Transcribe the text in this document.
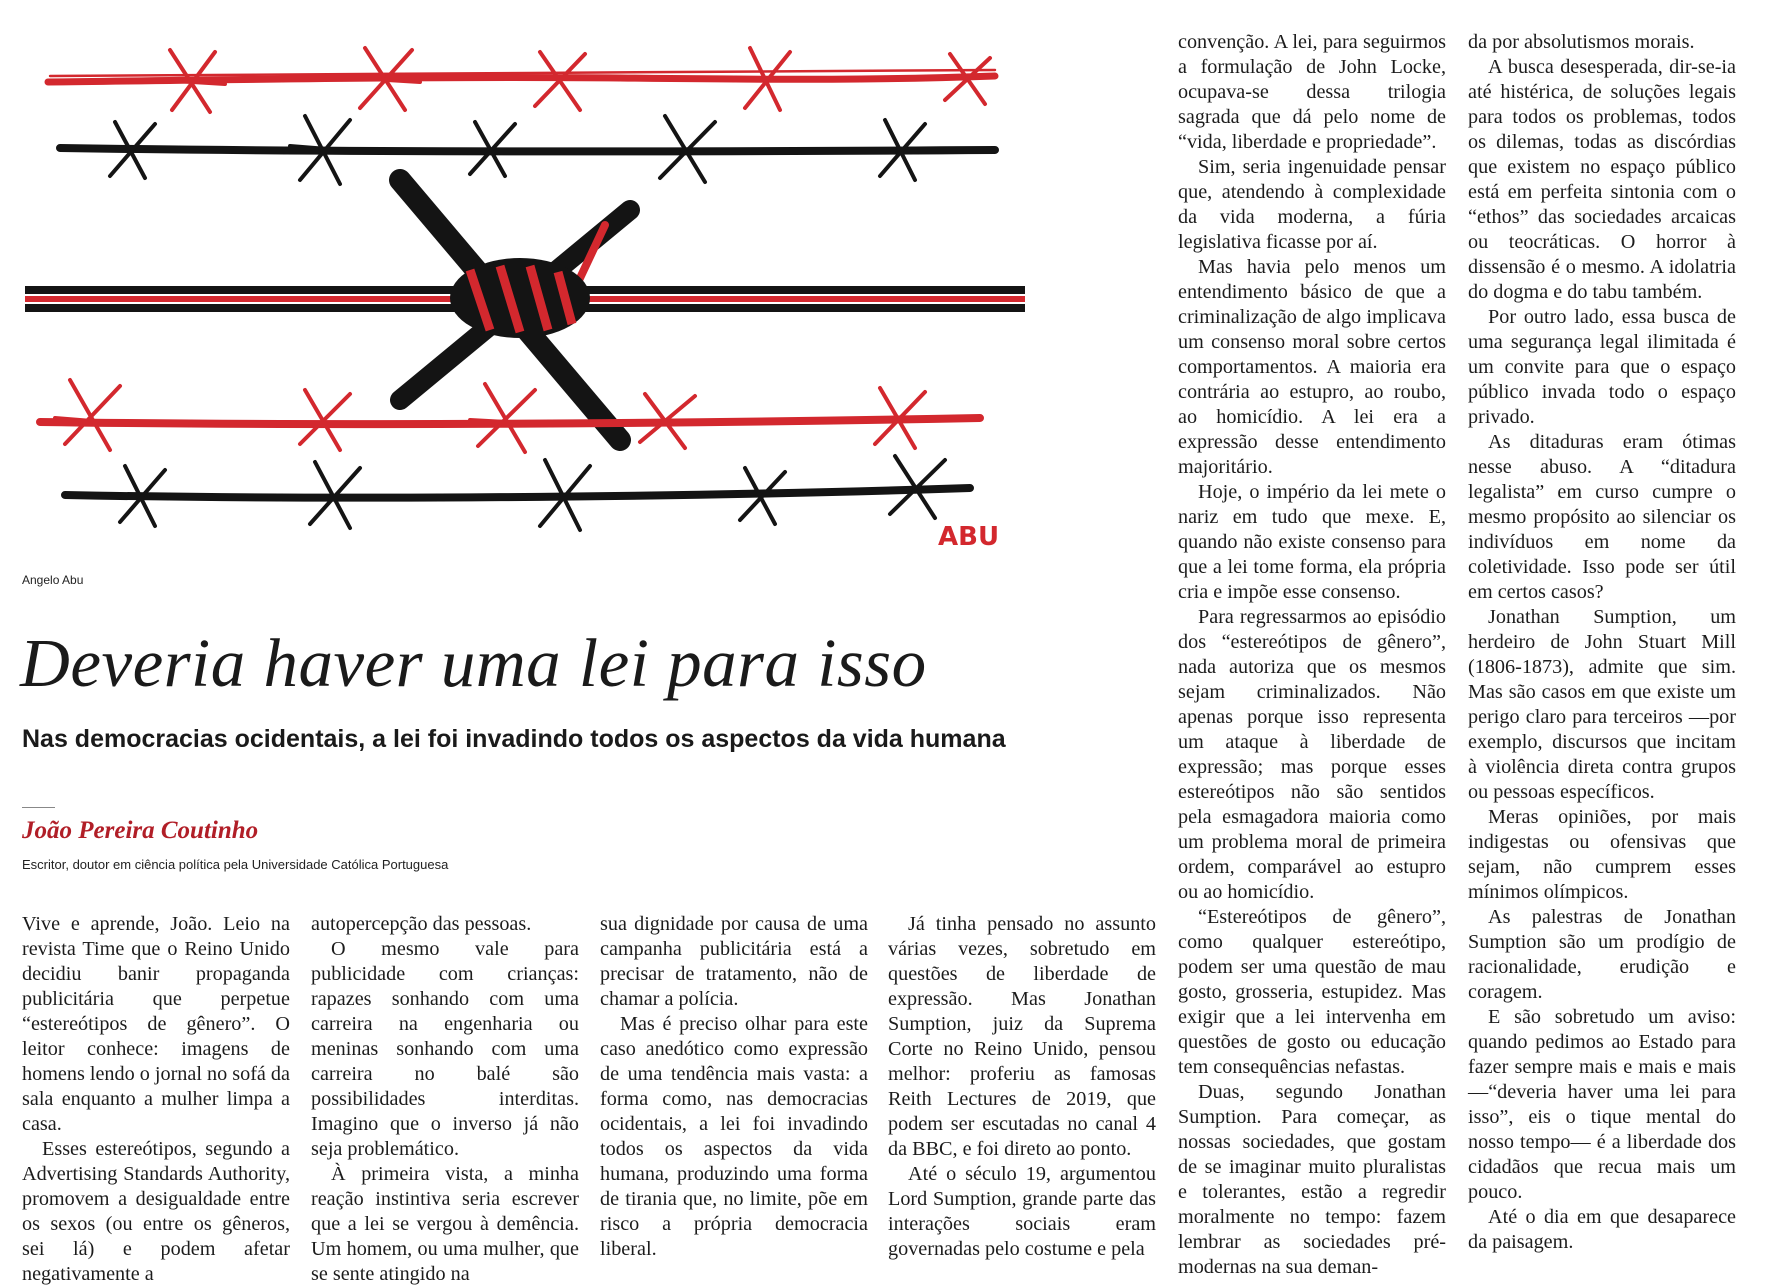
ABU
Angelo Abu
Deveria haver uma lei para isso
Nas democracias ocidentais, a lei foi invadindo todos os aspectos da vida humana
João Pereira Coutinho
Escritor, doutor em ciência política pela Universidade Católica Portuguesa

Vive e aprende, João. Leio na revista Time que o Reino Unido decidiu banir propaganda publicitária que perpetue “estereótipos de gênero”. O leitor conhece: imagens de homens lendo o jornal no sofá da sala enquanto a mulher limpa a casa.

Esses estereótipos, segundo a Advertising Standards Authority, promovem a desigualdade entre os sexos (ou entre os gêneros, sei lá) e podem afetar negativamente a

autopercepção das pessoas.

O mesmo vale para publicidade com crianças: rapazes sonhando com uma carreira na engenharia ou meninas sonhando com uma carreira no balé são possibilidades interditas. Imagino que o inverso já não seja problemático.

À primeira vista, a minha reação instintiva seria escrever que a lei se vergou à demência. Um homem, ou uma mulher, que se sente atingido na

sua dignidade por causa de uma campanha publicitária está a precisar de tratamento, não de chamar a polícia.

Mas é preciso olhar para este caso anedótico como expressão de uma tendência mais vasta: a forma como, nas democracias ocidentais, a lei foi invadindo todos os aspectos da vida humana, produzindo uma forma de tirania que, no limite, põe em risco a própria democracia liberal.

Já tinha pensado no assunto várias vezes, sobretudo em questões de liberdade de expressão. Mas Jonathan Sumption, juiz da Suprema Corte no Reino Unido, pensou melhor: proferiu as famosas Reith Lectures de 2019, que podem ser escutadas no canal 4 da BBC, e foi direto ao ponto.

Até o século 19, argumentou Lord Sumption, grande parte das interações sociais eram governadas pelo costume e pela

convenção. A lei, para seguirmos a formulação de John Locke, ocupava-se dessa trilogia sagrada que dá pelo nome de “vida, liberdade e propriedade”.

Sim, seria ingenuidade pensar que, atendendo à complexidade da vida moderna, a fúria legislativa ficasse por aí.

Mas havia pelo menos um entendimento básico de que a criminalização de algo implicava um consenso moral sobre certos comportamentos. A maioria era contrária ao estupro, ao roubo, ao homicídio. A lei era a expressão desse entendimento majoritário.

Hoje, o império da lei mete o nariz em tudo que mexe. E, quando não existe consenso para que a lei tome forma, ela própria cria e impõe esse consenso.

Para regressarmos ao episódio dos “estereótipos de gênero”, nada autoriza que os mesmos sejam criminalizados. Não apenas porque isso representa um ataque à liberdade de expressão; mas porque esses estereótipos não são sentidos pela esmagadora maioria como um problema moral de primeira ordem, comparável ao estupro ou ao homicídio.

“Estereótipos de gênero”, como qualquer estereótipo, podem ser uma questão de mau gosto, grosseria, estupidez. Mas exigir que a lei intervenha em questões de gosto ou educação tem consequências nefastas.

Duas, segundo Jonathan Sumption. Para começar, as nossas sociedades, que gostam de se imaginar muito pluralistas e tolerantes, estão a regredir moralmente no tempo: fazem lembrar as sociedades pré-modernas na sua deman-

da por absolutismos morais.

A busca desesperada, dir-se-ia até histérica, de soluções legais para todos os problemas, todos os dilemas, todas as discórdias que existem no espaço público está em perfeita sintonia com o “ethos” das sociedades arcaicas ou teocráticas. O horror à dissensão é o mesmo. A idolatria do dogma e do tabu também.

Por outro lado, essa busca de uma segurança legal ilimitada é um convite para que o espaço público invada todo o espaço privado.

As ditaduras eram ótimas nesse abuso. A “ditadura legalista” em curso cumpre o mesmo propósito ao silenciar os indivíduos em nome da coletividade. Isso pode ser útil em certos casos?

Jonathan Sumption, um herdeiro de John Stuart Mill (1806-1873), admite que sim. Mas são casos em que existe um perigo claro para terceiros —por exemplo, discursos que incitam à violência direta contra grupos ou pessoas específicos.

Meras opiniões, por mais indigestas ou ofensivas que sejam, não cumprem esses mínimos olímpicos.

As palestras de Jonathan Sumption são um prodígio de racionalidade, erudição e coragem.

E são sobretudo um aviso: quando pedimos ao Estado para fazer sempre mais e mais e mais —“deveria haver uma lei para isso”, eis o tique mental do nosso tempo— é a liberdade dos cidadãos que recua mais um pouco.

Até o dia em que desaparece da paisagem.
